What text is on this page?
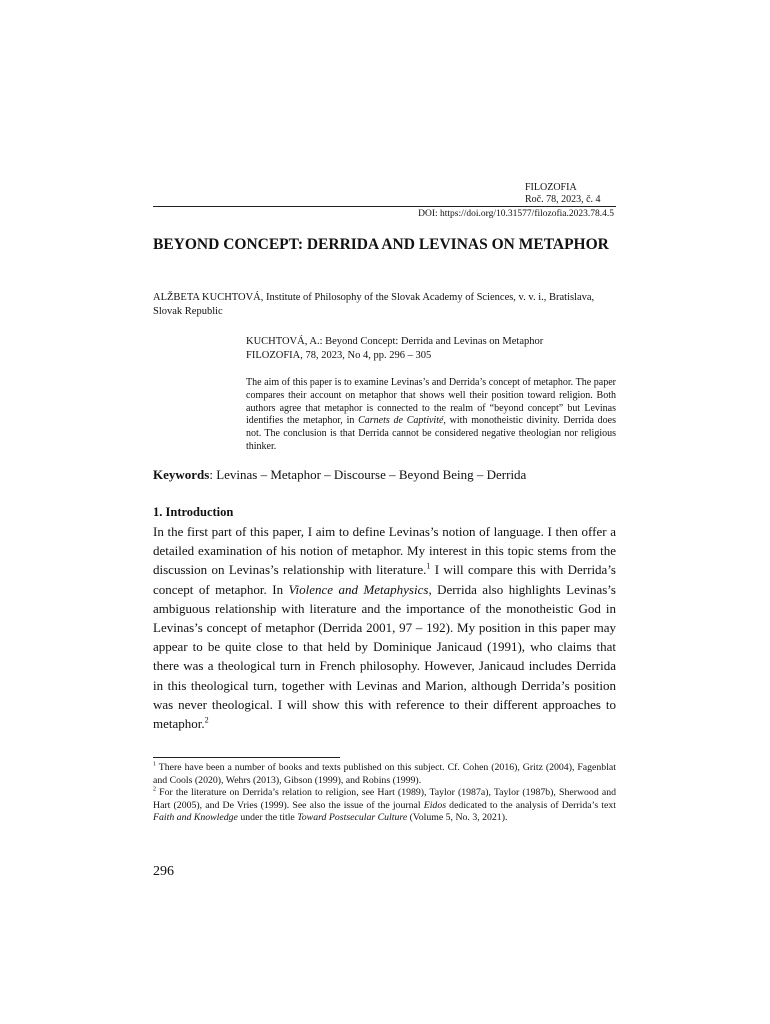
FILOZOFIA
Roč. 78, 2023, č. 4
DOI: https://doi.org/10.31577/filozofia.2023.78.4.5
BEYOND CONCEPT: DERRIDA AND LEVINAS ON METAPHOR
ALŽBETA KUCHTOVÁ, Institute of Philosophy of the Slovak Academy of Sciences, v. v. i., Bratislava, Slovak Republic
KUCHTOVÁ, A.: Beyond Concept: Derrida and Levinas on Metaphor
FILOZOFIA, 78, 2023, No 4, pp. 296 – 305

The aim of this paper is to examine Levinas’s and Derrida’s concept of metaphor. The paper compares their account on metaphor that shows well their position toward religion. Both authors agree that metaphor is connected to the realm of “beyond concept” but Levinas identifies the metaphor, in Carnets de Captivité, with monotheistic divinity. Derrida does not. The conclusion is that Derrida cannot be considered negative theologian nor religious thinker.

Keywords: Levinas – Metaphor – Discourse – Beyond Being – Derrida
1. Introduction

In the first part of this paper, I aim to define Levinas’s notion of language. I then offer a detailed examination of his notion of metaphor. My interest in this topic stems from the discussion on Levinas’s relationship with literature.$^1$ I will compare this with Derrida’s concept of metaphor. In Violence and Metaphysics, Derrida also highlights Levinas’s ambiguous relationship with literature and the importance of the monotheistic God in Levinas’s concept of metaphor (Derrida 2001, 97 – 192). My position in this paper may appear to be quite close to that held by Dominique Janicaud (1991), who claims that there was a theological turn in French philosophy. However, Janicaud includes Derrida in this theological turn, together with Levinas and Marion, although Derrida’s position was never theological. I will show this with reference to their different approaches to metaphor.$^2$

$^1$ There have been a number of books and texts published on this subject. Cf. Cohen (2016), Gritz (2004), Fagenblat and Cools (2020), Wehrs (2013), Gibson (1999), and Robins (1999).

$^2$ For the literature on Derrida’s relation to religion, see Hart (1989), Taylor (1987a), Taylor (1987b), Sherwood and Hart (2005), and De Vries (1999). See also the issue of the journal Eidos dedicated to the analysis of Derrida’s text Faith and Knowledge under the title Toward Postsecular Culture (Volume 5, No. 3, 2021).

296
